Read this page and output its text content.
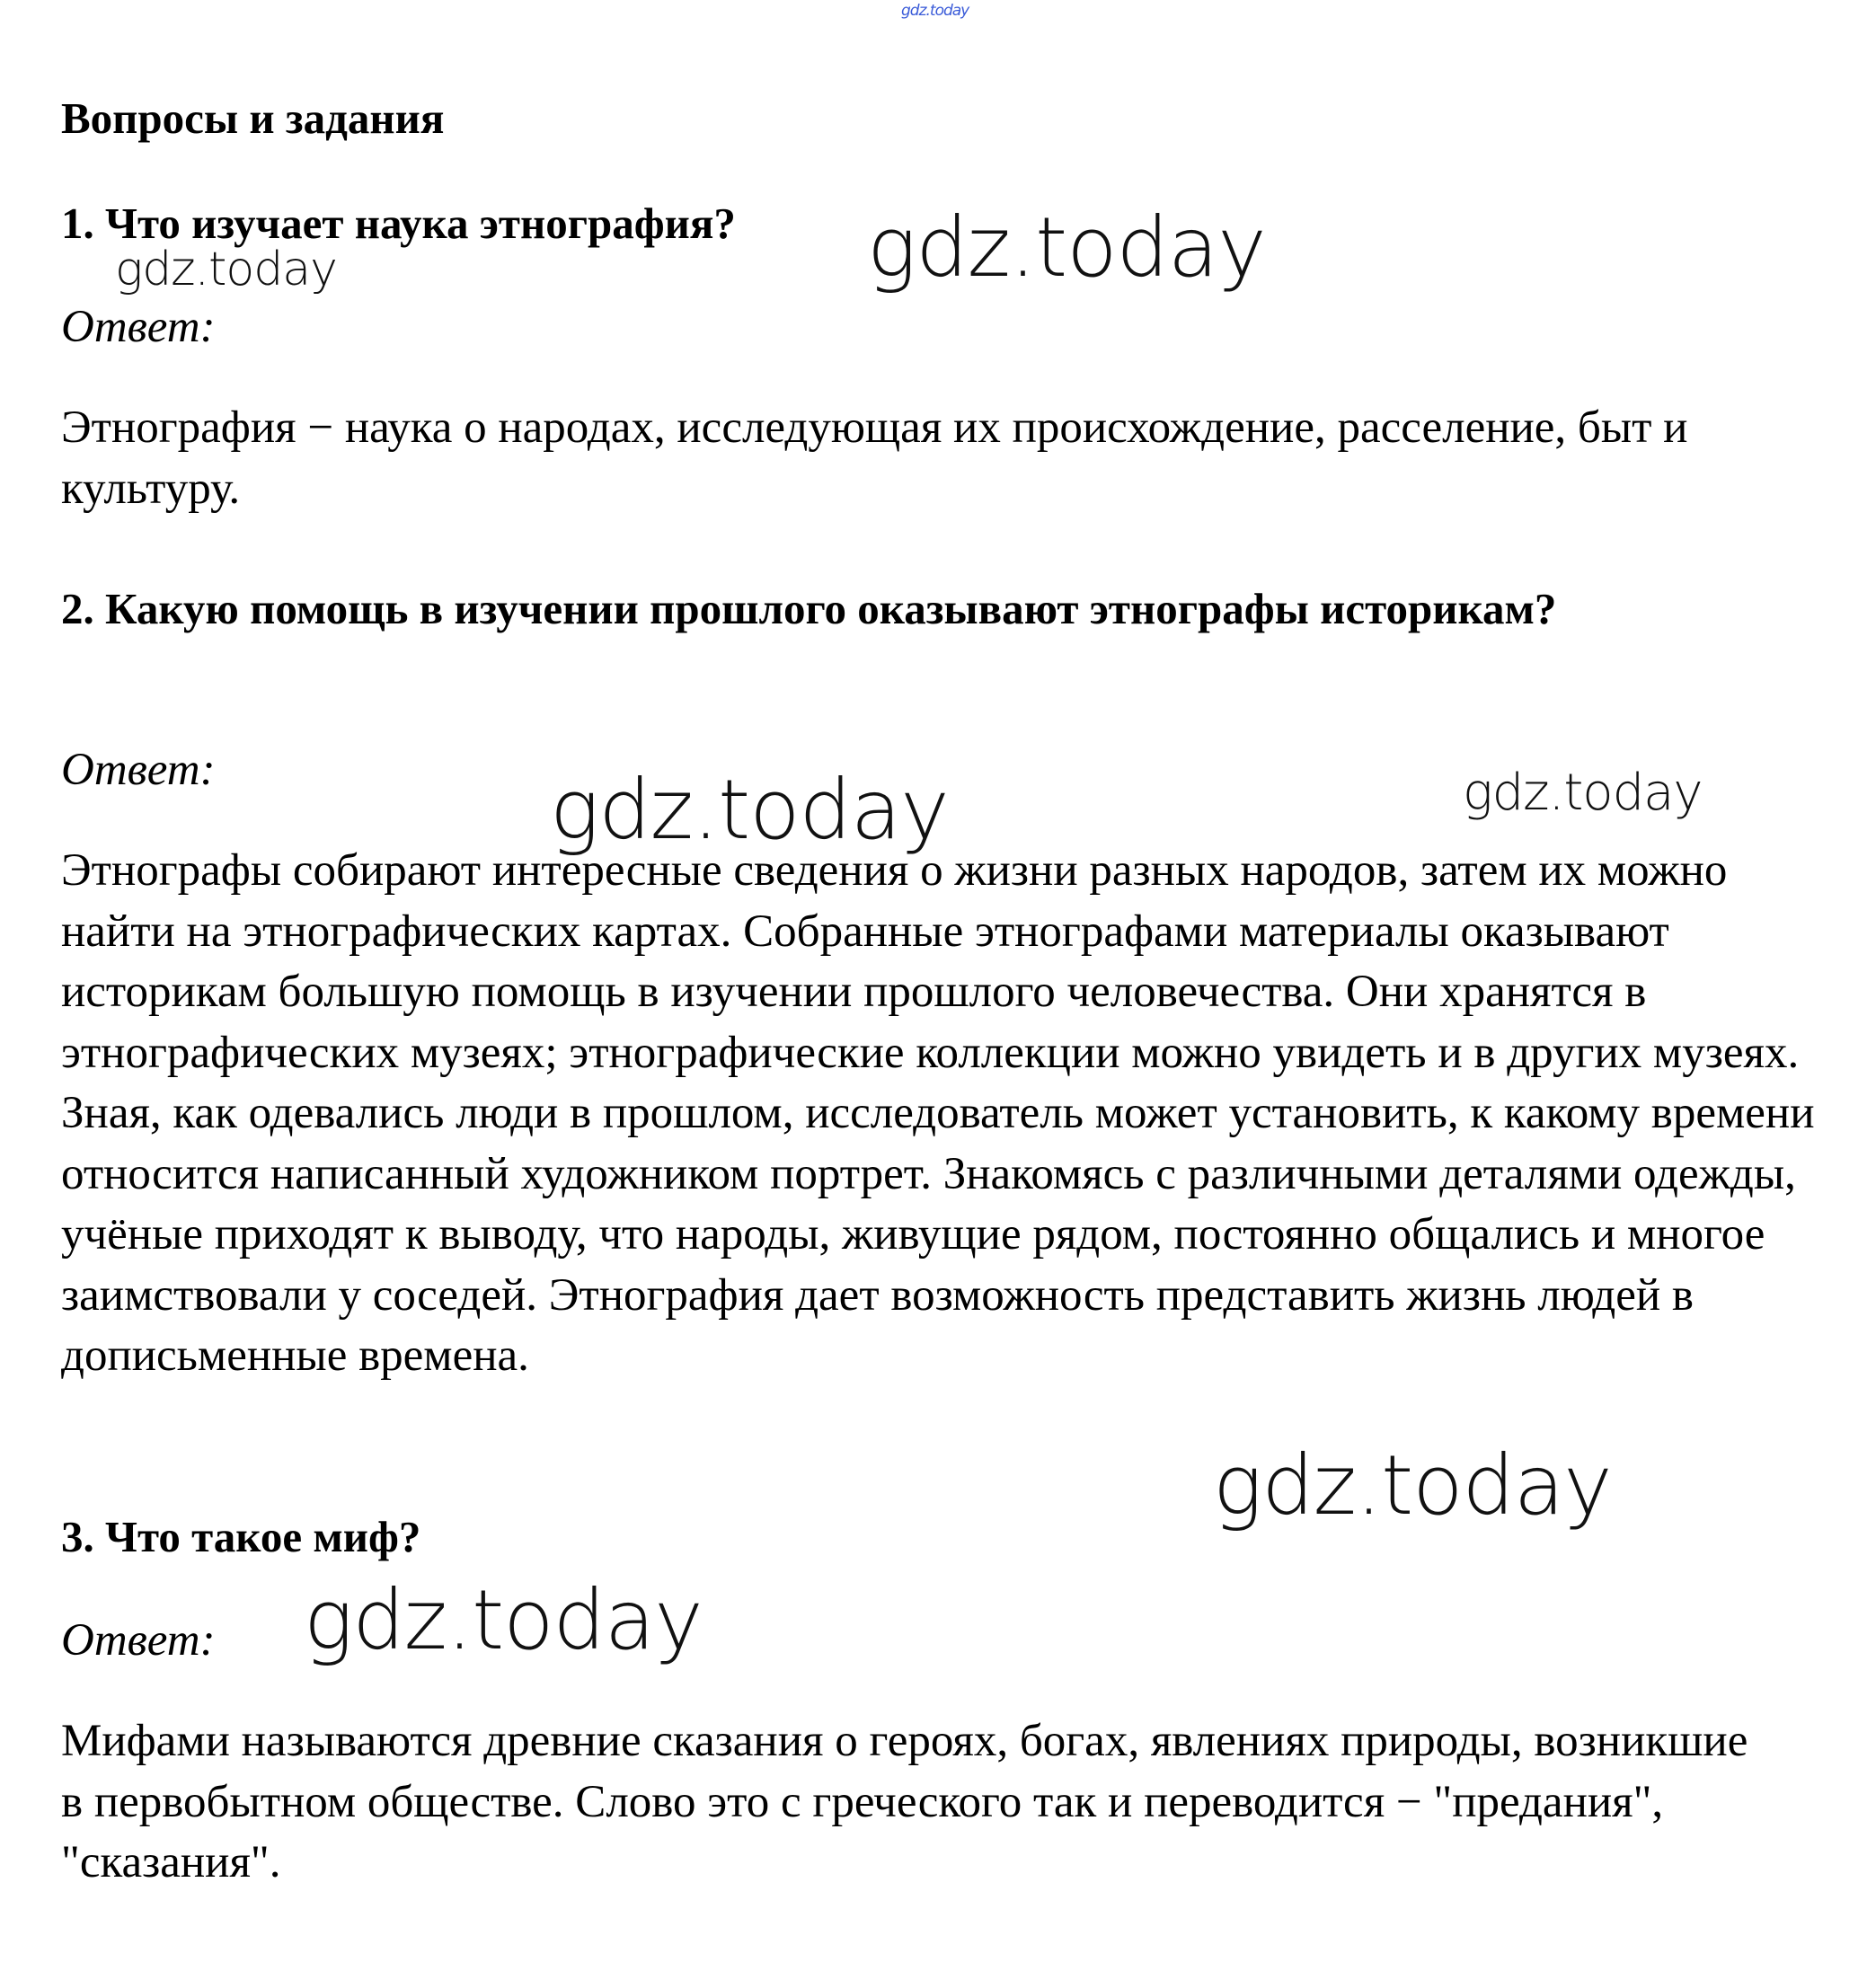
gdz.today
Вопросы и задания
1. Что изучает наука этнография?
Ответ:

Этнография − наука о народах, исследующая их происхождение, расселение, быт и культуру.

2. Какую помощь в изучении прошлого оказывают этнографы историкам?
Ответ:

Этнографы собирают интересные сведения о жизни разных народов, затем их можно найти на этнографических картах. Собранные этнографами материалы оказывают историкам большую помощь в изучении прошлого человечества. Они хранятся в этнографических музеях; этнографические коллекции можно увидеть и в других музеях. Зная, как одевались люди в прошлом, исследователь может установить, к какому времени относится написанный художником портрет. Знакомясь с различными деталями одежды, учёные приходят к выводу, что народы, живущие рядом, постоянно общались и многое заимствовали у соседей. Этнография дает возможность представить жизнь людей в дописьменные времена.

3. Что такое миф?
Ответ:

Мифами называются древние сказания о героях, богах, явлениях природы, возникшие в первобытном обществе. Слово это с греческого так и переводится − "предания", "сказания".

gdz.today	gdz.today
gdz.today	gdz.today
gdz.today
gdz.today
